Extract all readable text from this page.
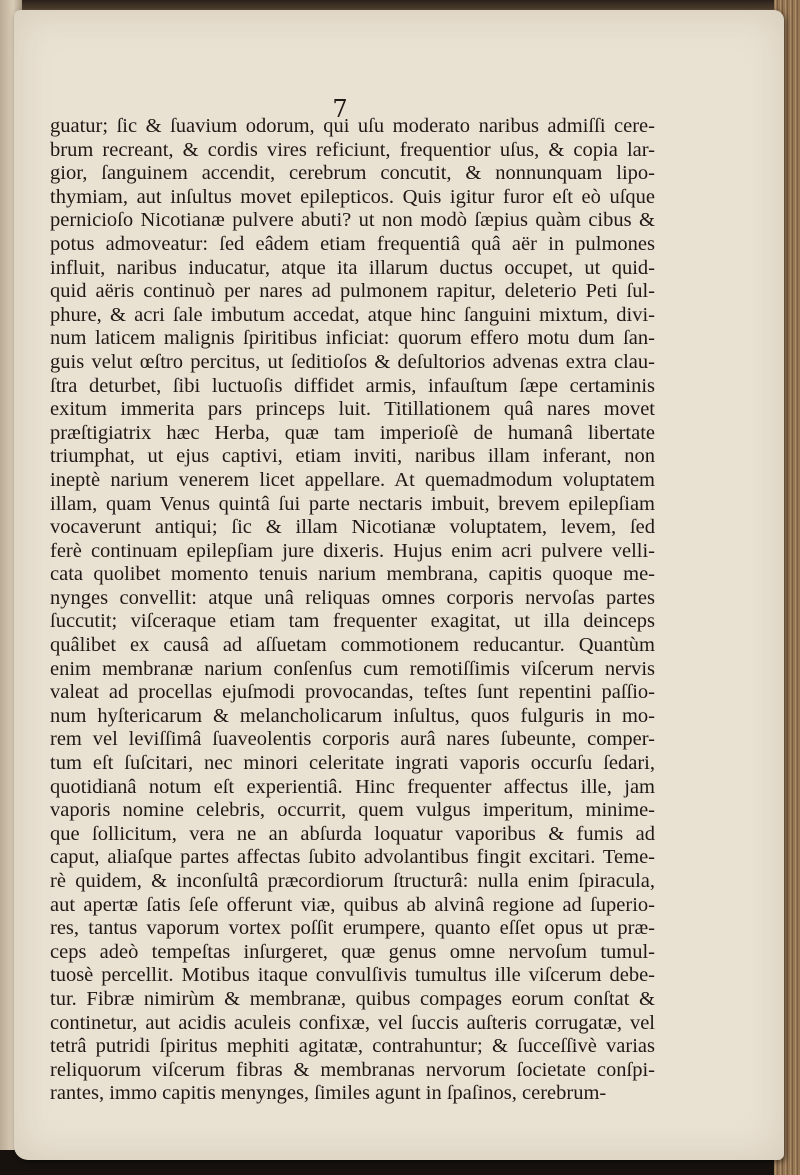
7
guatur; ſic & ſuavium odorum, qui uſu moderato naribus admiſſi cere-
brum recreant, & cordis vires reficiunt, frequentior uſus, & copia lar-
gior, ſanguinem accendit, cerebrum concutit, & nonnunquam lipo-
thymiam, aut inſultus movet epilepticos. Quis igitur furor eſt eò uſque
pernicioſo Nicotianæ pulvere abuti? ut non modò ſæpius quàm cibus &
potus admoveatur: ſed eâdem etiam frequentiâ quâ aër in pulmones
influit, naribus inducatur, atque ita illarum ductus occupet, ut quid-
quid aëris continuò per nares ad pulmonem rapitur, deleterio Peti ſul-
phure, & acri ſale imbutum accedat, atque hinc ſanguini mixtum, divi-
num laticem malignis ſpiritibus inficiat: quorum effero motu dum ſan-
guis velut œſtro percitus, ut ſeditioſos & deſultorios advenas extra clau-
ſtra deturbet, ſibi luctuoſis diffidet armis, infauſtum ſæpe certaminis
exitum immerita pars princeps luit. Titillationem quâ nares movet
præſtigiatrix hæc Herba, quæ tam imperioſè de humanâ libertate
triumphat, ut ejus captivi, etiam inviti, naribus illam inferant, non
ineptè narium venerem licet appellare. At quemadmodum voluptatem
illam, quam Venus quintâ ſui parte nectaris imbuit, brevem epilepſiam
vocaverunt antiqui; ſic & illam Nicotianæ voluptatem, levem, ſed
ferè continuam epilepſiam jure dixeris. Hujus enim acri pulvere velli-
cata quolibet momento tenuis narium membrana, capitis quoque me-
nynges convellit: atque unâ reliquas omnes corporis nervoſas partes
ſuccutit; viſceraque etiam tam frequenter exagitat, ut illa deinceps
quâlibet ex causâ ad aſſuetam commotionem reducantur. Quantùm
enim membranæ narium conſenſus cum remotiſſimis viſcerum nervis
valeat ad procellas ejuſmodi provocandas, teſtes ſunt repentini paſſio-
num hyſtericarum & melancholicarum inſultus, quos fulguris in mo-
rem vel leviſſimâ ſuaveolentis corporis aurâ nares ſubeunte, comper-
tum eſt ſuſcitari, nec minori celeritate ingrati vaporis occurſu ſedari,
quotidianâ notum eſt experientiâ. Hinc frequenter affectus ille, jam
vaporis nomine celebris, occurrit, quem vulgus imperitum, minime-
que ſollicitum, vera ne an abſurda loquatur vaporibus & fumis ad
caput, aliaſque partes affectas ſubito advolantibus fingit excitari. Teme-
rè quidem, & inconſultâ præcordiorum ſtructurâ: nulla enim ſpiracula,
aut apertæ ſatis ſeſe offerunt viæ, quibus ab alvinâ regione ad ſuperio-
res, tantus vaporum vortex poſſit erumpere, quanto eſſet opus ut præ-
ceps adeò tempeſtas inſurgeret, quæ genus omne nervoſum tumul-
tuosè percellit. Motibus itaque convulſivis tumultus ille viſcerum debe-
tur. Fibræ nimirùm & membranæ, quibus compages eorum conſtat &
continetur, aut acidis aculeis confixæ, vel ſuccis auſteris corrugatæ, vel
tetrâ putridi ſpiritus mephiti agitatæ, contrahuntur; & ſucceſſivè varias
reliquorum viſcerum fibras & membranas nervorum ſocietate conſpi-
rantes, immo capitis menynges, ſimiles agunt in ſpaſinos, cerebrum-
